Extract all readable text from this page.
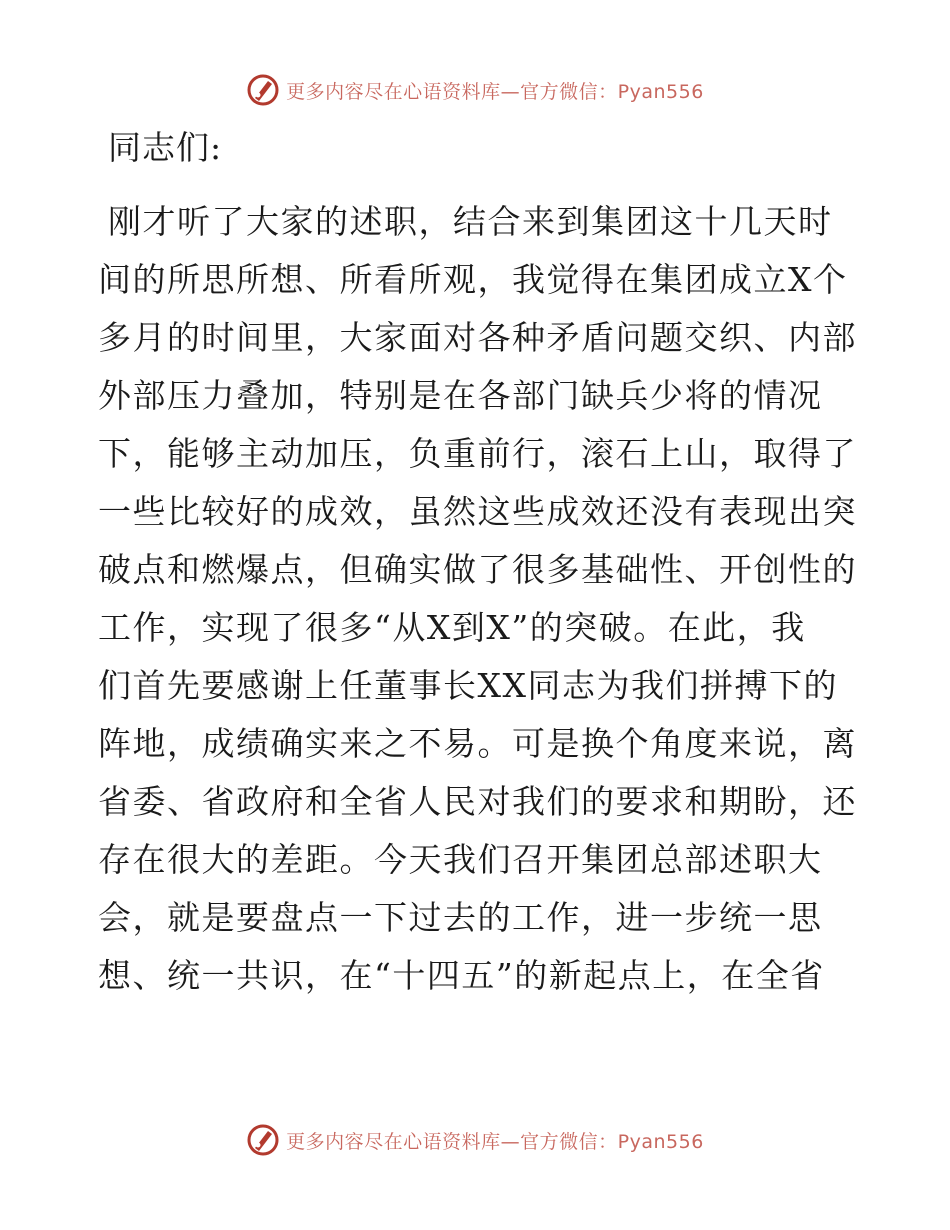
更多内容尽在心语资料库—官方微信：Pyan556
同志们:
刚才听了大家的述职，结合来到集团这十几天时
间的所思所想、所看所观，我觉得在集团成立X个
多月的时间里，大家面对各种矛盾问题交织、内部
外部压力叠加，特别是在各部门缺兵少将的情况
下，能够主动加压，负重前行，滚石上山，取得了
一些比较好的成效，虽然这些成效还没有表现出突
破点和燃爆点，但确实做了很多基础性、开创性的
工作，实现了很多“从X到X”的突破。在此，我
们首先要感谢上任董事长XX同志为我们拼搏下的
阵地，成绩确实来之不易。可是换个角度来说，离
省委、省政府和全省人民对我们的要求和期盼，还
存在很大的差距。今天我们召开集团总部述职大
会，就是要盘点一下过去的工作，进一步统一思
想、统一共识，在“十四五”的新起点上，在全省
更多内容尽在心语资料库—官方微信：Pyan556
